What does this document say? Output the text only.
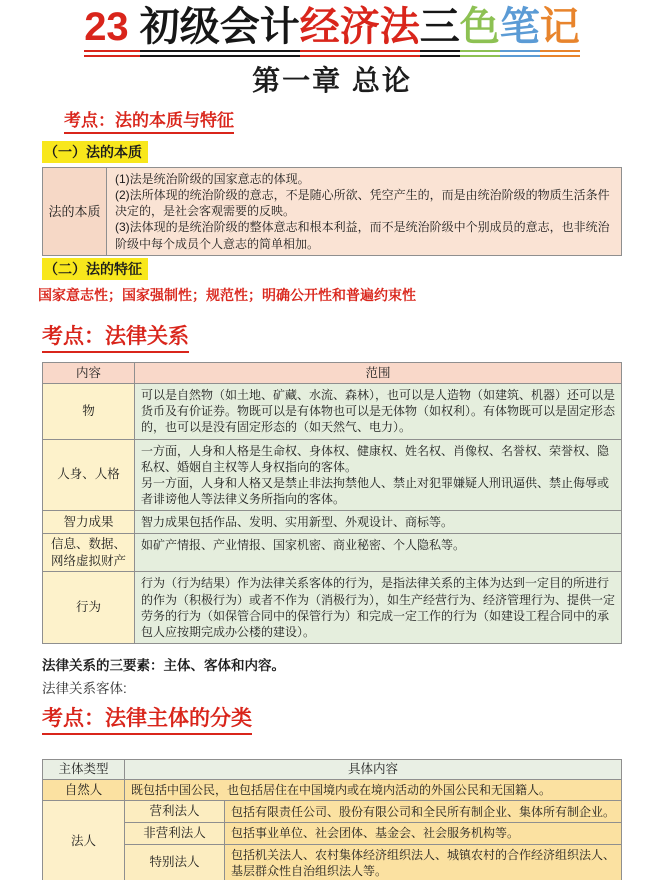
23 初级会计经济法三色笔记
第一章 总论
考点：法的本质与特征
（一）法的本质
法的本质	
(1)法是统治阶级的国家意志的体现。
(2)法所体现的统治阶级的意志，不是随心所欲、凭空产生的，而是由统治阶级的物质生活条件决定的，是社会客观需要的反映。
(3)法体现的是统治阶级的整体意志和根本利益，而不是统治阶级中个别成员的意志，也非统治阶级中每个成员个人意志的简单相加。
（二）法的特征
国家意志性；国家强制性；规范性；明确公开性和普遍约束性
考点：法律关系
内容	范围
物	可以是自然物（如土地、矿藏、水流、森林），也可以是人造物（如建筑、机器）还可以是货币及有价证券。物既可以是有体物也可以是无体物（如权利）。有体物既可以是固定形态的，也可以是没有固定形态的（如天然气、电力）。

人身、人格	一方面，人身和人格是生命权、身体权、健康权、姓名权、肖像权、名誉权、荣誉权、隐私权、婚姻自主权等人身权指向的客体。
另一方面，人身和人格又是禁止非法拘禁他人、禁止对犯罪嫌疑人刑讯逼供、禁止侮辱或者诽谤他人等法律义务所指向的客体。

智力成果	智力成果包括作品、发明、实用新型、外观设计、商标等。

信息、数据、网络虚拟财产	如矿产情报、产业情报、国家机密、商业秘密、个人隐私等。

行为	行为（行为结果）作为法律关系客体的行为，是指法律关系的主体为达到一定目的所进行的作为（积极行为）或者不作为（消极行为），如生产经营行为、经济管理行为、提供一定劳务的行为（如保管合同中的保管行为）和完成一定工作的行为（如建设工程合同中的承包人应按期完成办公楼的建设）。
法律关系的三要素：主体、客体和内容。
法律关系客体:
考点：法律主体的分类
主体类型	具体内容	
自然人	既包括中国公民，也包括居住在中国境内或在境内活动的外国公民和无国籍人。	
法人	营利法人	包括有限责任公司、股份有限公司和全民所有制企业、集体所有制企业。
	非营利法人	包括事业单位、社会团体、基金会、社会服务机构等。
	特别法人	包括机关法人、农村集体经济组织法人、城镇农村的合作经济组织法人、基层群众性自治组织法人等。
